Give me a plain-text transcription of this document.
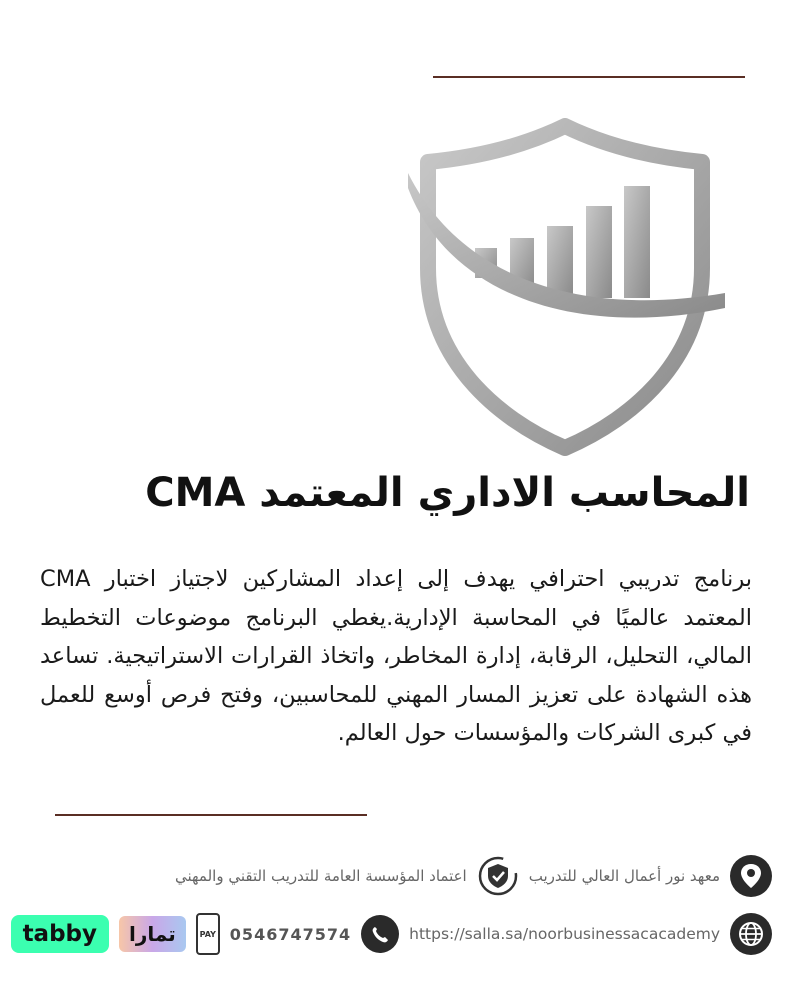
المحاسب الاداري المعتمد CMA

برنامج تدريبي احترافي يهدف إلى إعداد المشاركين لاجتياز اختبار CMA المعتمد عالميًا في المحاسبة الإدارية.يغطي البرنامج موضوعات التخطيط المالي، التحليل، الرقابة، إدارة المخاطر، واتخاذ القرارات الاستراتيجية. تساعد هذه الشهادة على تعزيز المسار المهني للمحاسبين، وفتح فرص أوسع للعمل في كبرى الشركات والمؤسسات حول العالم.

معهد نور أعمال العالي للتدريب
اعتماد المؤسسة العامة للتدريب التقني والمهني
https://salla.sa/noorbusinessacacademy
0546747574
PAY
تمارا
tabby
